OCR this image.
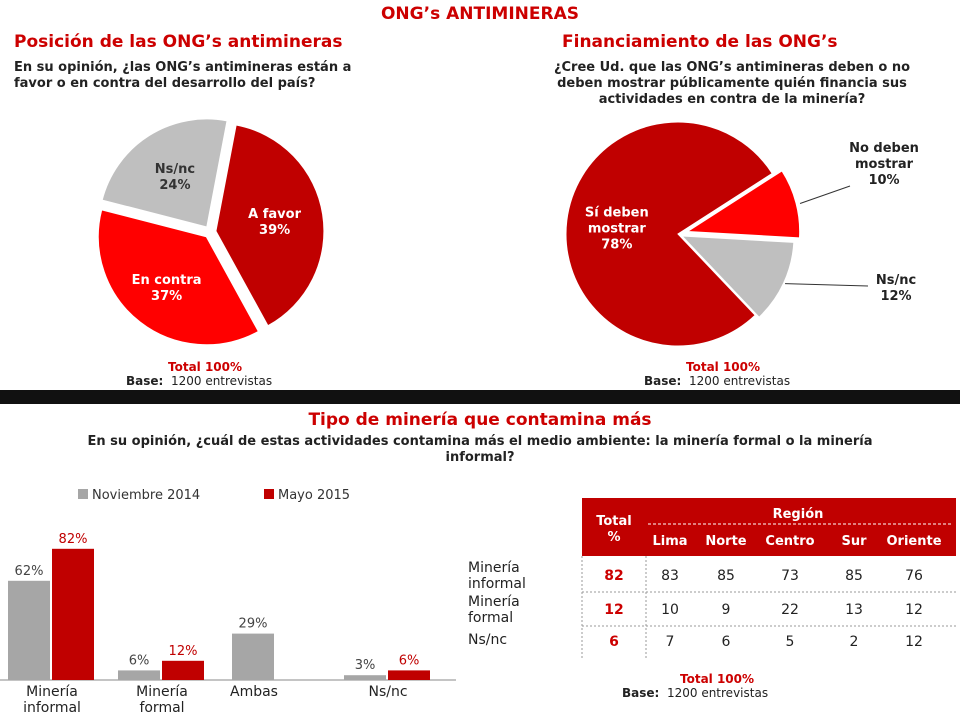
ONG’s ANTIMINERAS
Posición de las ONG’s antimineras
En su opinión, ¿las ONG’s antimineras están a
favor o en contra del desarrollo del país?
A favor 39%
En contra 37%
Ns/nc 24%
Total 100%
Base: 1200 entrevistas
Financiamiento de las ONG’s
¿Cree Ud. que las ONG’s antimineras deben o no
deben mostrar públicamente quién financia sus
actividades en contra de la minería?
Sí deben mostrar 78%
No deben mostrar 10%
Ns/nc 12%
Total 100%
Base: 1200 entrevistas
Tipo de minería que contamina más
En su opinión, ¿cuál de estas actividades contamina más el medio ambiente: la minería formal o la minería
informal?
Noviembre 2014	Mayo 2015
62%
82%
Minería informal
6%
12%
Minería formal
29%
Ambas
3% 6%
Ns/nc
Total %
Región
Lima Norte Centro Sur Oriente
Minería informal	82	83	85	73	85	76
Minería formal	12	10	9	22	13	12
Ns/nc	6	7	6	5	2	12
Total 100%
Base: 1200 entrevistas
